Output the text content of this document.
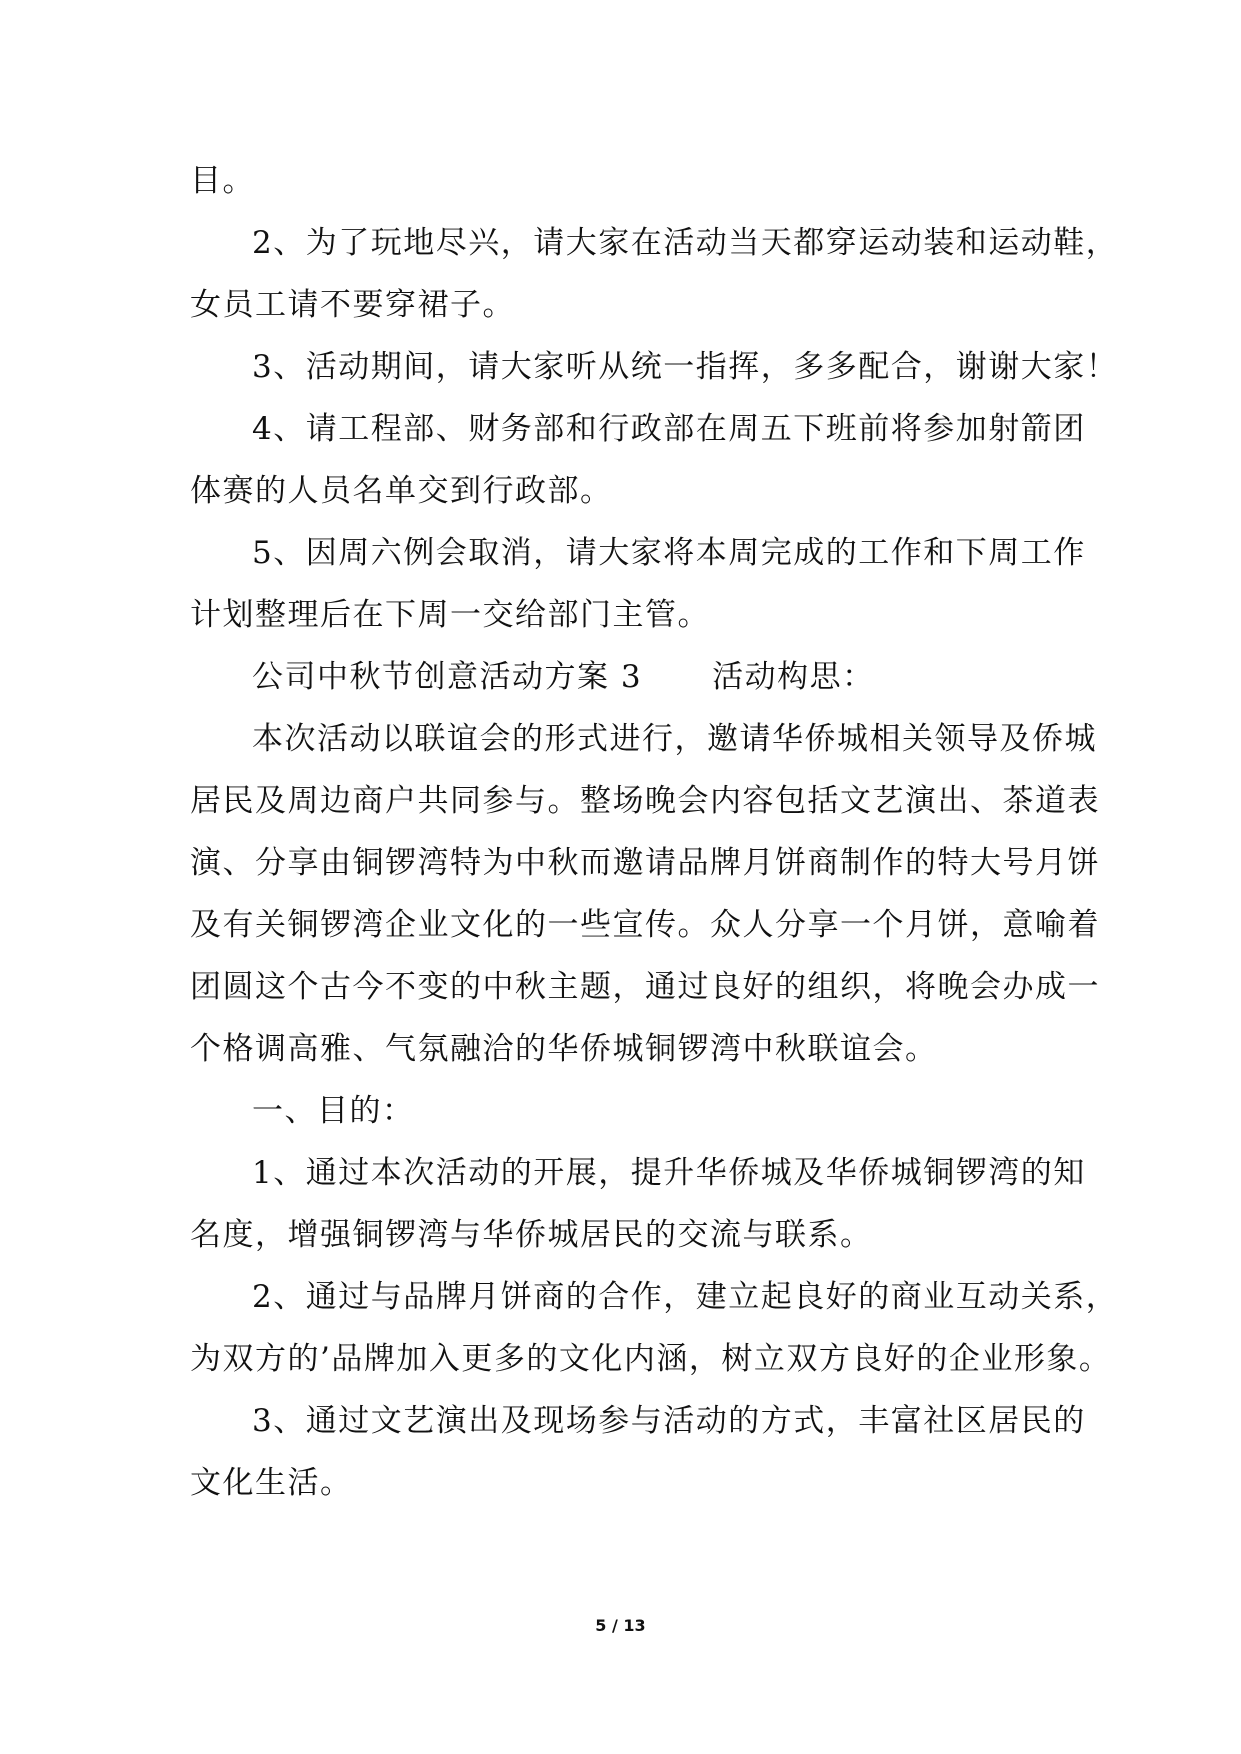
目。
2、为了玩地尽兴，请大家在活动当天都穿运动装和运动鞋，
女员工请不要穿裙子。
3、活动期间，请大家听从统一指挥，多多配合，谢谢大家！
4、请工程部、财务部和行政部在周五下班前将参加射箭团
体赛的人员名单交到行政部。
5、因周六例会取消，请大家将本周完成的工作和下周工作
计划整理后在下周一交给部门主管。
公司中秋节创意活动方案 3 活动构思：
本次活动以联谊会的形式进行，邀请华侨城相关领导及侨城
居民及周边商户共同参与。整场晚会内容包括文艺演出、茶道表
演、分享由铜锣湾特为中秋而邀请品牌月饼商制作的特大号月饼
及有关铜锣湾企业文化的一些宣传。众人分享一个月饼，意喻着
团圆这个古今不变的中秋主题，通过良好的组织，将晚会办成一
个格调高雅、气氛融洽的华侨城铜锣湾中秋联谊会。
一、目的：
1、通过本次活动的开展，提升华侨城及华侨城铜锣湾的知
名度，增强铜锣湾与华侨城居民的交流与联系。
2、通过与品牌月饼商的合作，建立起良好的商业互动关系，
为双方的’品牌加入更多的文化内涵，树立双方良好的企业形象。
3、通过文艺演出及现场参与活动的方式，丰富社区居民的
文化生活。
5 / 13
